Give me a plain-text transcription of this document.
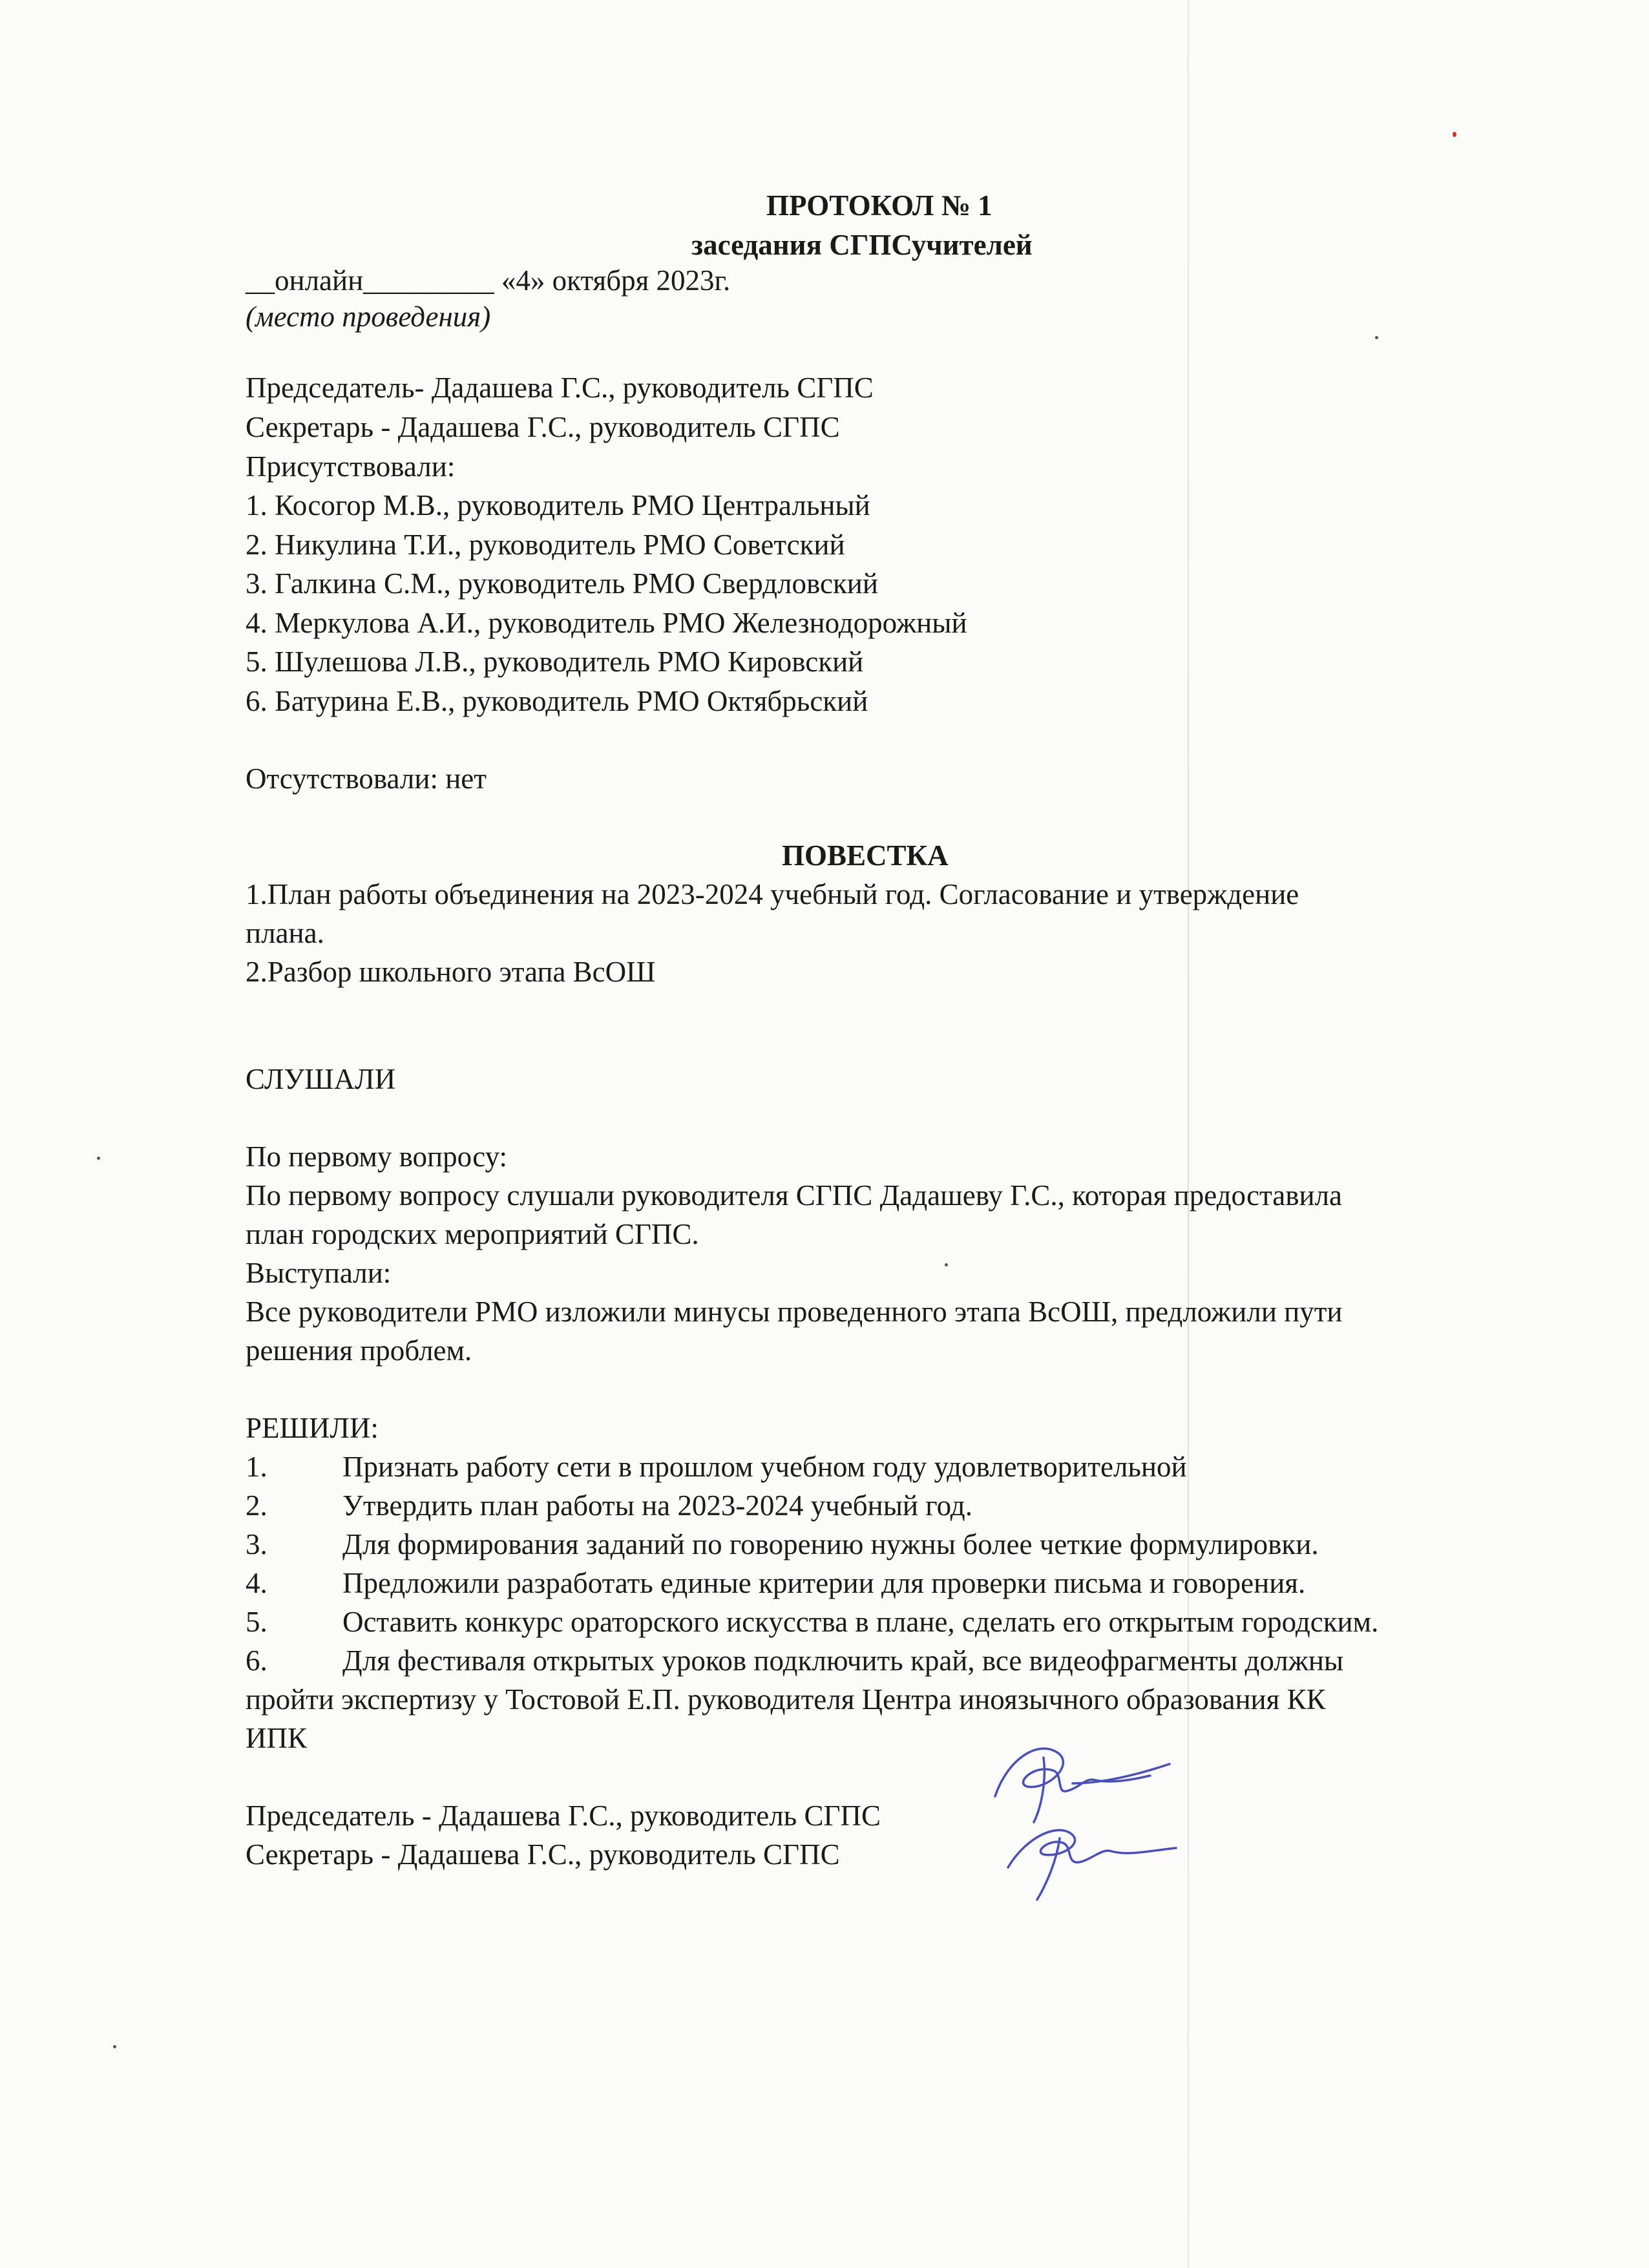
ПРОТОКОЛ № 1
заседания СГПСучителей
__онлайн_________ «4» октября 2023г.
(место проведения)
Председатель- Дадашева Г.С., руководитель СГПС
Секретарь - Дадашева Г.С., руководитель СГПС
Присутствовали:
1. Косогор М.В., руководитель РМО Центральный
2. Никулина Т.И., руководитель РМО Советский
3. Галкина С.М., руководитель РМО Свердловский
4. Меркулова А.И., руководитель РМО Железнодорожный
5. Шулешова Л.В., руководитель РМО Кировский
6. Батурина Е.В., руководитель РМО Октябрьский
Отсутствовали: нет
ПОВЕСТКА
1.План работы объединения на 2023-2024 учебный год. Согласование и утверждение
плана.
2.Разбор школьного этапа ВсОШ
СЛУШАЛИ
По первому вопросу:
По первому вопросу слушали руководителя СГПС Дадашеву Г.С., которая предоставила
план городских мероприятий СГПС.
Выступали:
Все руководители РМО изложили минусы проведенного этапа ВсОШ, предложили пути
решения проблем.
РЕШИЛИ:
1.	Признать работу сети в прошлом учебном году удовлетворительной
2.	Утвердить план работы на 2023-2024 учебный год.
3.	Для формирования заданий по говорению нужны более четкие формулировки.
4.	Предложили разработать единые критерии для проверки письма и говорения.
5.	Оставить конкурс ораторского искусства в плане, сделать его открытым городским.
6.	Для фестиваля открытых уроков подключить край, все видеофрагменты должны
пройти экспертизу у Тостовой Е.П. руководителя Центра иноязычного образования КК
ИПК
Председатель - Дадашева Г.С., руководитель СГПС
Секретарь - Дадашева Г.С., руководитель СГПС
